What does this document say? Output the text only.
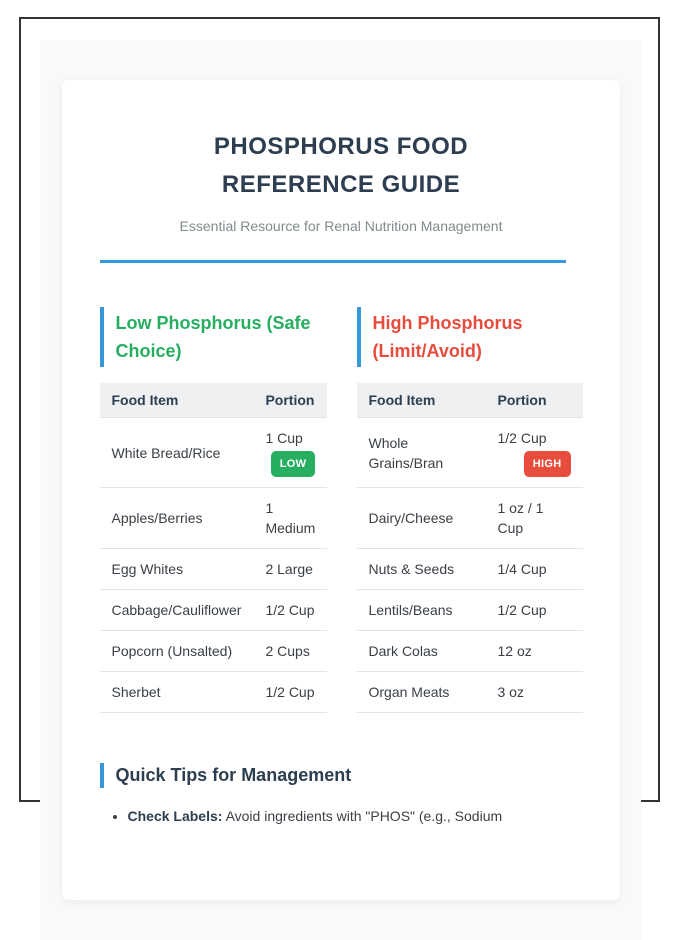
PHOSPHORUS FOOD REFERENCE GUIDE

Essential Resource for Renal Nutrition Management

Low Phosphorus (Safe Choice)
Food Item	Portion
White Bread/Rice	1 Cup
LOW

Apples/Berries	1 Medium
Egg Whites	2 Large
Cabbage/Cauliflower	1/2 Cup
Popcorn (Unsalted)	2 Cups
Sherbet	1/2 Cup
High Phosphorus (Limit/Avoid)
Food Item	Portion
Whole Grains/Bran	1/2 Cup
HIGH

Dairy/Cheese	1 oz / 1 Cup
Nuts & Seeds	1/4 Cup
Lentils/Beans	1/2 Cup
Dark Colas	12 oz
Organ Meats	3 oz
Quick Tips for Management
• Check Labels: Avoid ingredients with "PHOS" (e.g., Sodium
